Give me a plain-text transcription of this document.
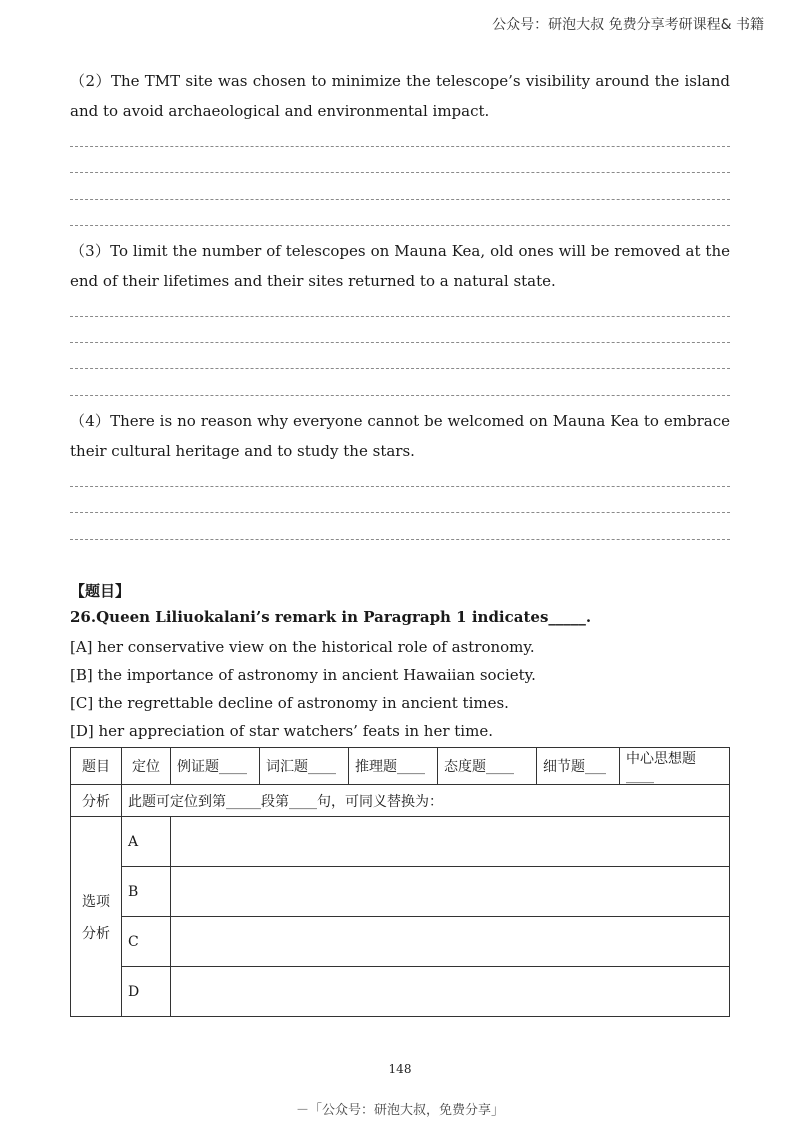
公众号：研泡大叔 免费分享考研课程& 书籍
（2）The TMT site was chosen to minimize the telescope’s visibility around the island and to avoid archaeological and environmental impact.
（3）To limit the number of telescopes on Mauna Kea, old ones will be removed at the end of their lifetimes and their sites returned to a natural state.
（4）There is no reason why everyone cannot be welcomed on Mauna Kea to embrace their cultural heritage and to study the stars.
【题目】
26.Queen Liliuokalani’s remark in Paragraph 1 indicates_____.
[A] her conservative view on the historical role of astronomy.
[B] the importance of astronomy in ancient Hawaiian society.
[C] the regrettable decline of astronomy in ancient times.
[D] her appreciation of star watchers’ feats in her time.
题目	定位	例证题____	词汇题____	推理题____	态度题____	细节题___	中心思想题____
分析	此题可定位到第_____段第____句，可同义替换为：						

选项
分析	A						
	B						
	C						
	D						
148
－「公众号：研泡大叔，免费分享」
